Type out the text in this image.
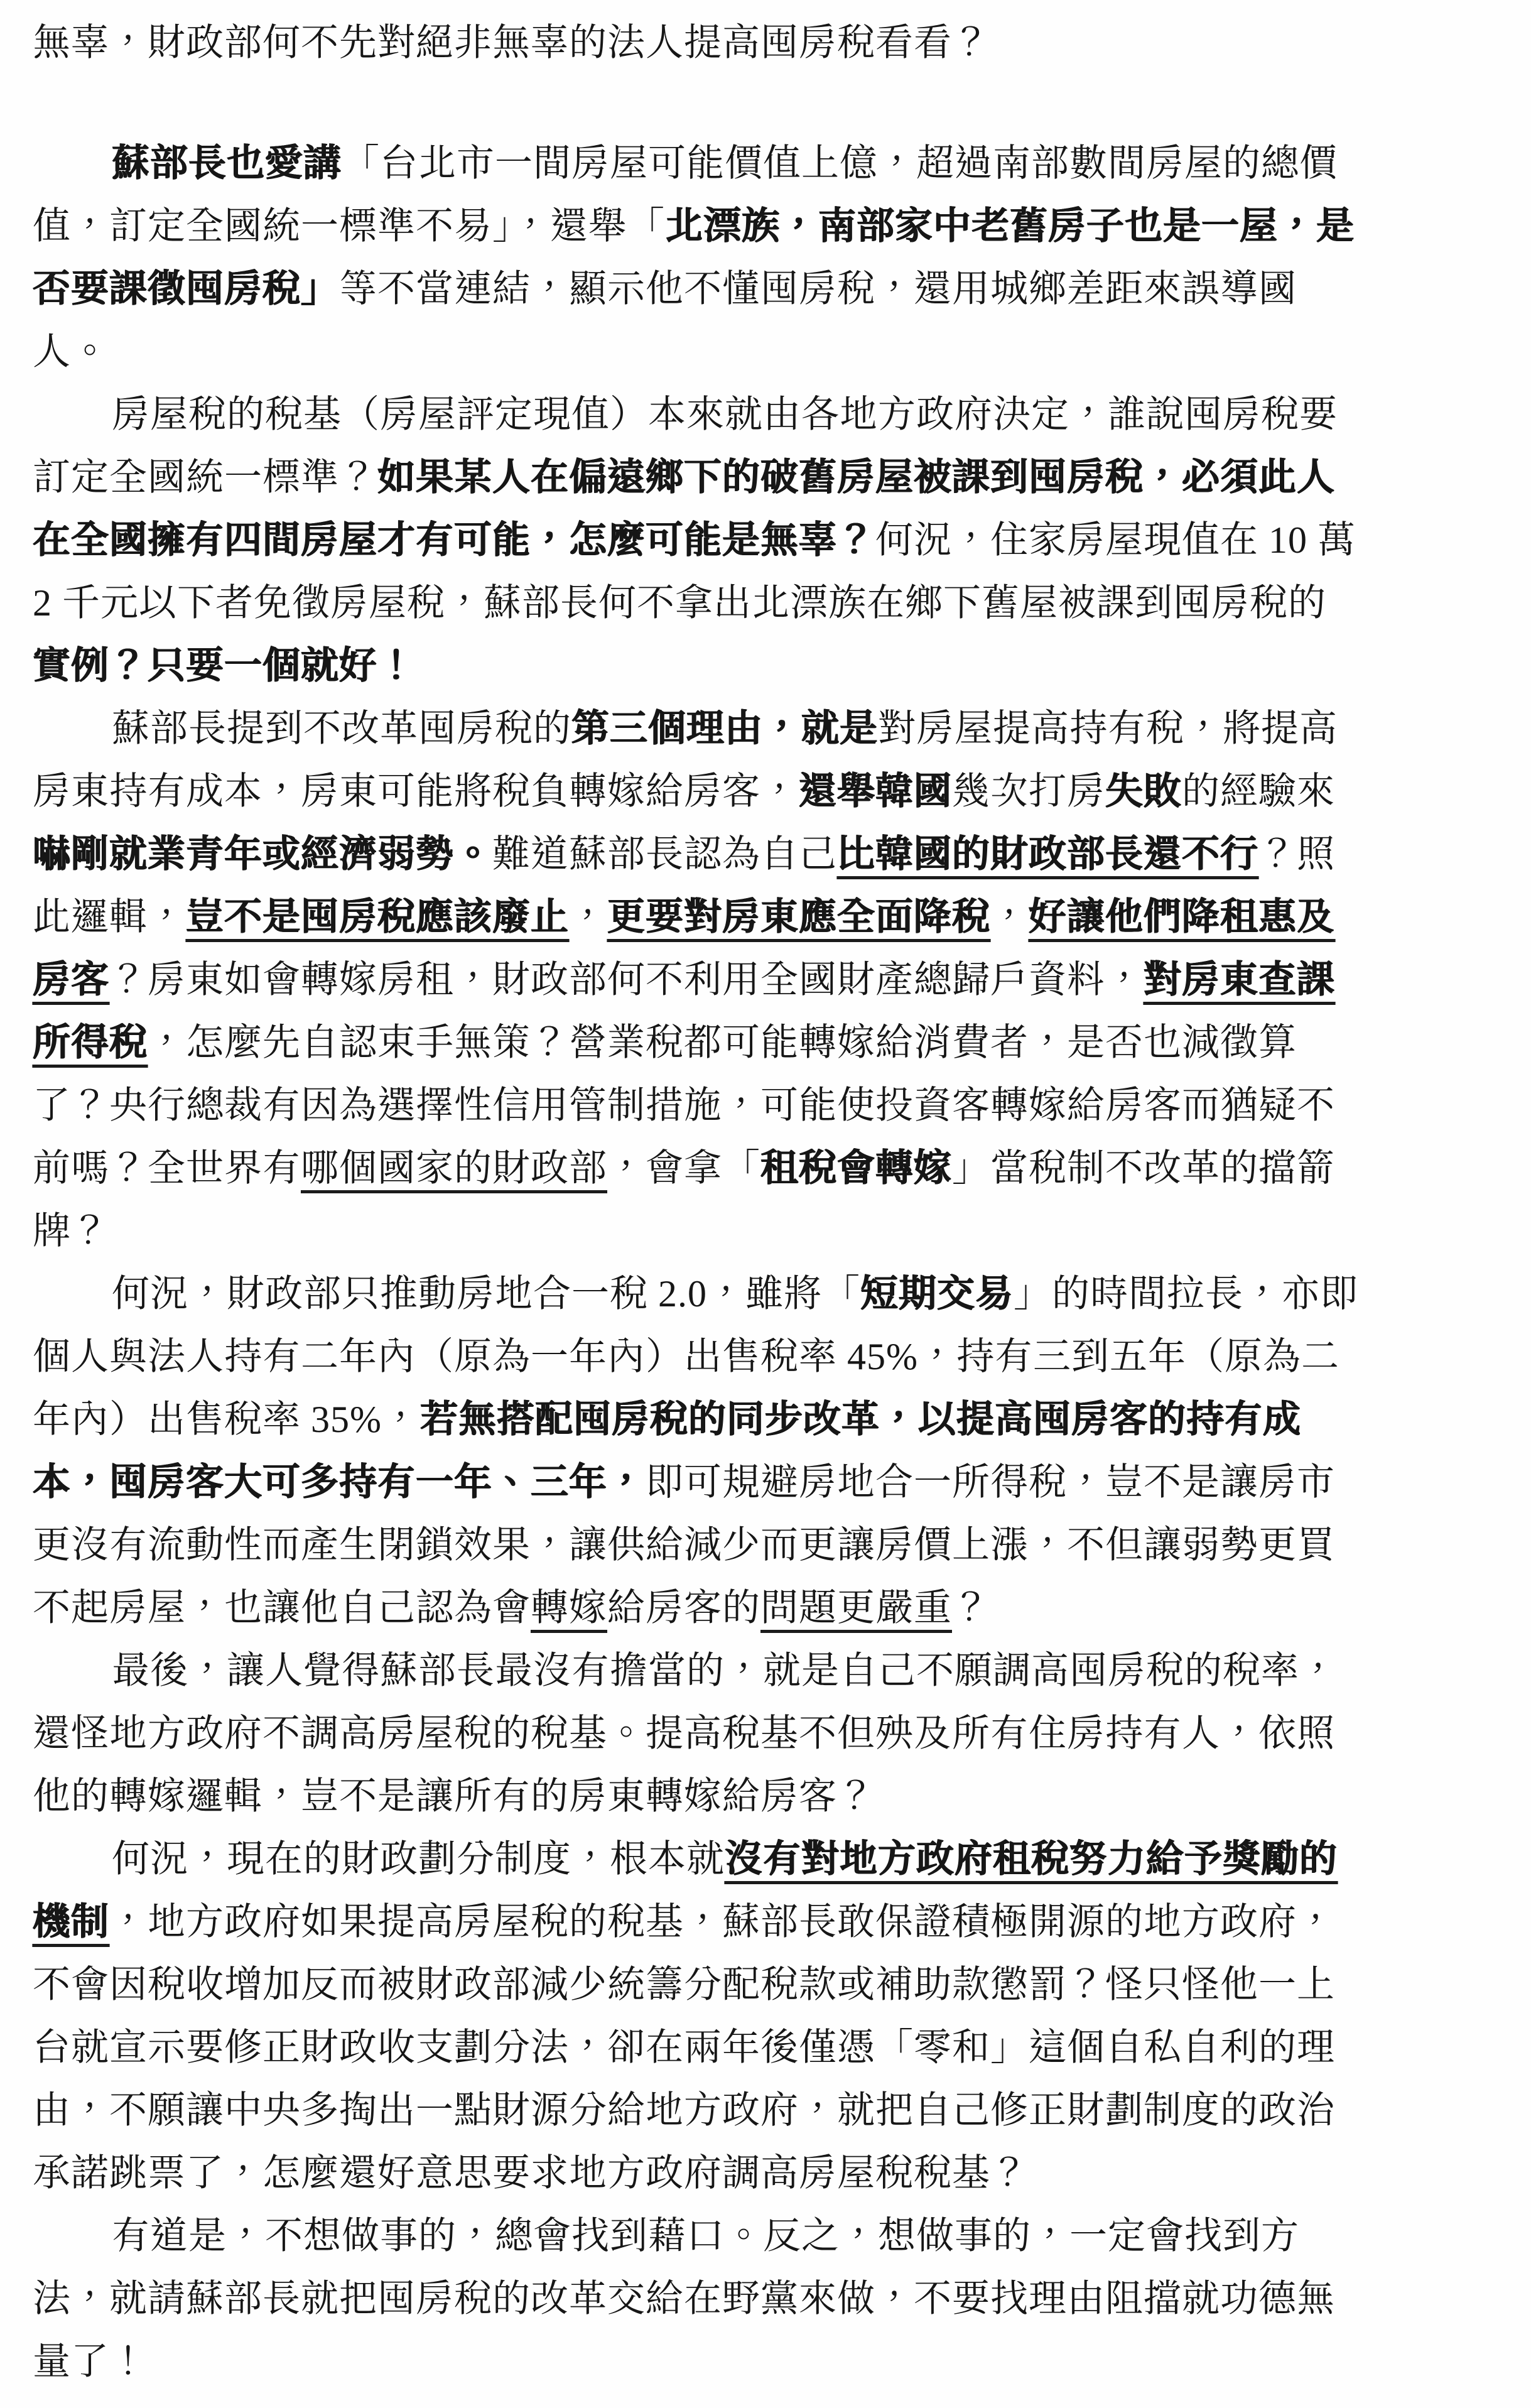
無辜，財政部何不先對絕非無辜的法人提高囤房稅看看？
蘇部長也愛講「台北市一間房屋可能價值上億，超過南部數間房屋的總價
值，訂定全國統一標準不易」，還舉「北漂族，南部家中老舊房子也是一屋，是
否要課徵囤房稅」等不當連結，顯示他不懂囤房稅，還用城鄉差距來誤導國
人。
房屋稅的稅基（房屋評定現值）本來就由各地方政府決定，誰說囤房稅要
訂定全國統一標準？如果某人在偏遠鄉下的破舊房屋被課到囤房稅，必須此人
在全國擁有四間房屋才有可能，怎麼可能是無辜？何況，住家房屋現值在 10 萬
2 千元以下者免徵房屋稅，蘇部長何不拿出北漂族在鄉下舊屋被課到囤房稅的
實例？只要一個就好！
蘇部長提到不改革囤房稅的第三個理由，就是對房屋提高持有稅，將提高
房東持有成本，房東可能將稅負轉嫁給房客，還舉韓國幾次打房失敗的經驗來
嚇剛就業青年或經濟弱勢。難道蘇部長認為自己比韓國的財政部長還不行？照
此邏輯，豈不是囤房稅應該廢止，更要對房東應全面降稅，好讓他們降租惠及
房客？房東如會轉嫁房租，財政部何不利用全國財產總歸戶資料，對房東查課
所得稅，怎麼先自認束手無策？營業稅都可能轉嫁給消費者，是否也減徵算
了？央行總裁有因為選擇性信用管制措施，可能使投資客轉嫁給房客而猶疑不
前嗎？全世界有哪個國家的財政部，會拿「租稅會轉嫁」當稅制不改革的擋箭
牌？
何況，財政部只推動房地合一稅 2.0，雖將「短期交易」的時間拉長，亦即
個人與法人持有二年內（原為一年內）出售稅率 45%，持有三到五年（原為二
年內）出售稅率 35%，若無搭配囤房稅的同步改革，以提高囤房客的持有成
本，囤房客大可多持有一年、三年，即可規避房地合一所得稅，豈不是讓房市
更沒有流動性而產生閉鎖效果，讓供給減少而更讓房價上漲，不但讓弱勢更買
不起房屋，也讓他自己認為會轉嫁給房客的問題更嚴重？
最後，讓人覺得蘇部長最沒有擔當的，就是自己不願調高囤房稅的稅率，
還怪地方政府不調高房屋稅的稅基。提高稅基不但殃及所有住房持有人，依照
他的轉嫁邏輯，豈不是讓所有的房東轉嫁給房客？
何況，現在的財政劃分制度，根本就沒有對地方政府租稅努力給予獎勵的
機制，地方政府如果提高房屋稅的稅基，蘇部長敢保證積極開源的地方政府，
不會因稅收增加反而被財政部減少統籌分配稅款或補助款懲罰？怪只怪他一上
台就宣示要修正財政收支劃分法，卻在兩年後僅憑「零和」這個自私自利的理
由，不願讓中央多掏出一點財源分給地方政府，就把自己修正財劃制度的政治
承諾跳票了，怎麼還好意思要求地方政府調高房屋稅稅基？
有道是，不想做事的，總會找到藉口。反之，想做事的，一定會找到方
法，就請蘇部長就把囤房稅的改革交給在野黨來做，不要找理由阻擋就功德無
量了！
